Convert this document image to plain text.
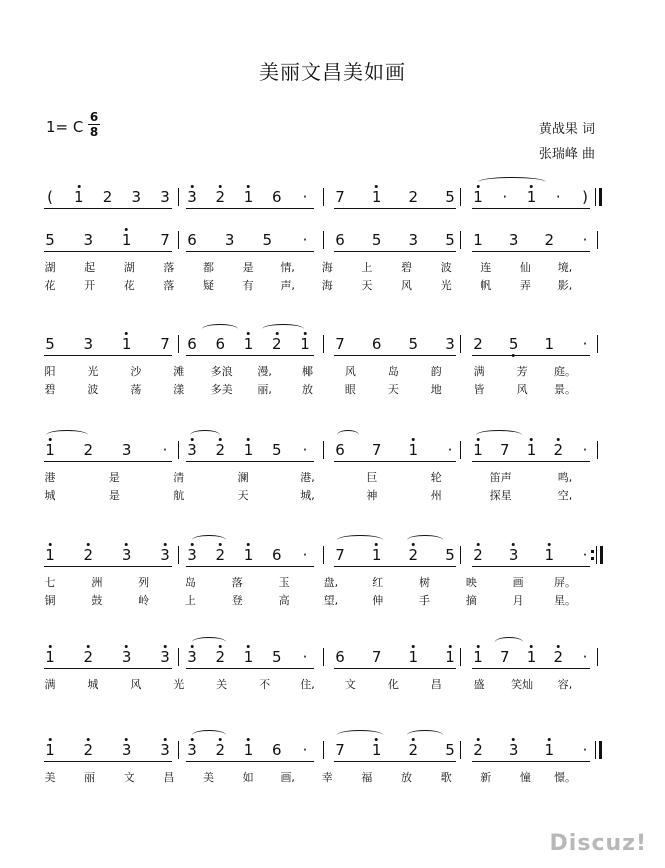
美丽文昌美如画
1= C
6
8	黄战果 词
张瑞峰 曲
( 1 2 3 3 3 2 1 6 · 7 1 2 5 1 · 1 · )
5 3 1 7 6 3 5 · 6 5 3 5 1 3 2 ·
湖	起	湖	落	都	是 情, 海	上	碧	波	连	仙 境,
花	开	花	落	疑	有 声, 海	天	风	光	帆	弄 影,
5 3 1 7 6 6 1 2 1 7 6 5 3 2 5 1 ·
阳	光	沙	滩 多浪 漫,	椰	风	岛	韵	满	芳 庭。
碧	波	荡	漾 多美 丽,	放	眼	天	地	皆	风 景。
1 2 3 · 3 2 1 5 · 6 7 1 · 1 7 1 2 ·
港	是	清	澜	港,	巨	轮	笛声	鸣,
城	是	航	天	城,	神	州	探星	空,
1 2 3 3 3 2 1 6 · 7 1 2 5 2 3 1 ·
七	洲	列	岛	落	玉	盘,	红	树	映	画	屏。
铜	鼓	岭	上	登	高	望,	伸	手	摘	月	星。
1 2 3 3 3 2 1 5 · 6 7 1 1 1 7 1 2 ·
满	城	风	光	关	不	住,	文	化	昌	盛 笑灿 容,
1 2 3 3 3 2 1 6 · 7 1 2 5 2 3 1 ·
美	丽	文	昌	美	如 画, 幸	福	放	歌	新	憧 憬。
Discuz!
